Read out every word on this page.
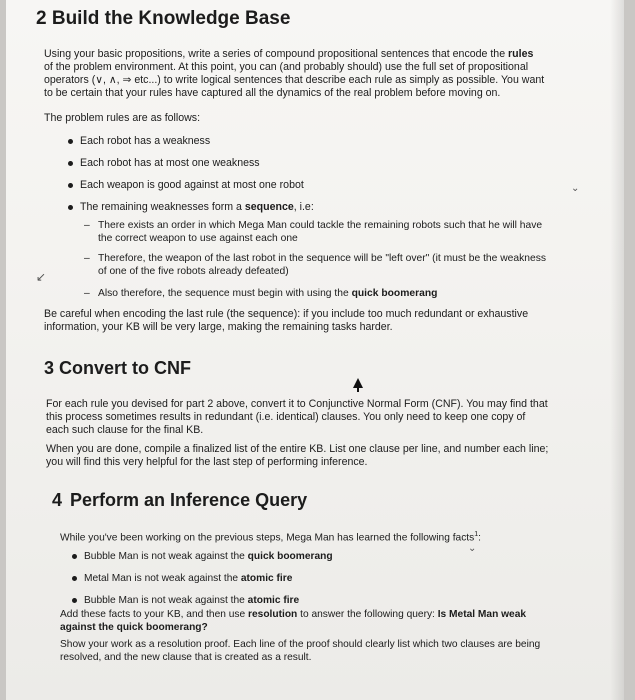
2 Build the Knowledge Base
Using your basic propositions, write a series of compound propositional sentences that encode the rules
of the problem environment. At this point, you can (and probably should) use the full set of propositional
operators (∨, ∧, ⇒ etc...) to write logical sentences that describe each rule as simply as possible. You want
to be certain that your rules have captured all the dynamics of the real problem before moving on.
The problem rules are as follows:
Each robot has a weakness
Each robot has at most one weakness
Each weapon is good against at most one robot
The remaining weaknesses form a sequence, i.e:
⌄
– There exists an order in which Mega Man could tackle the remaining robots such that he will have
the correct weapon to use against each one
↙
– Therefore, the weapon of the last robot in the sequence will be "left over" (it must be the weakness
of one of the five robots already defeated)
– Also therefore, the sequence must begin with using the quick boomerang
Be careful when encoding the last rule (the sequence): if you include too much redundant or exhaustive
information, your KB will be very large, making the remaining tasks harder.
3 Convert to CNF
For each rule you devised for part 2 above, convert it to Conjunctive Normal Form (CNF). You may find that
this process sometimes results in redundant (i.e. identical) clauses. You only need to keep one copy of
each such clause for the final KB.
When you are done, compile a finalized list of the entire KB. List one clause per line, and number each line;
you will find this very helpful for the last step of performing inference.
4 Perform an Inference Query
While you've been working on the previous steps, Mega Man has learned the following facts$^1$:
Bubble Man is not weak against the quick boomerang
Metal Man is not weak against the atomic fire
Bubble Man is not weak against the atomic fire
⌄
Add these facts to your KB, and then use resolution to answer the following query: Is Metal Man weak
against the quick boomerang?
Show your work as a resolution proof. Each line of the proof should clearly list which two clauses are being
resolved, and the new clause that is created as a result.
